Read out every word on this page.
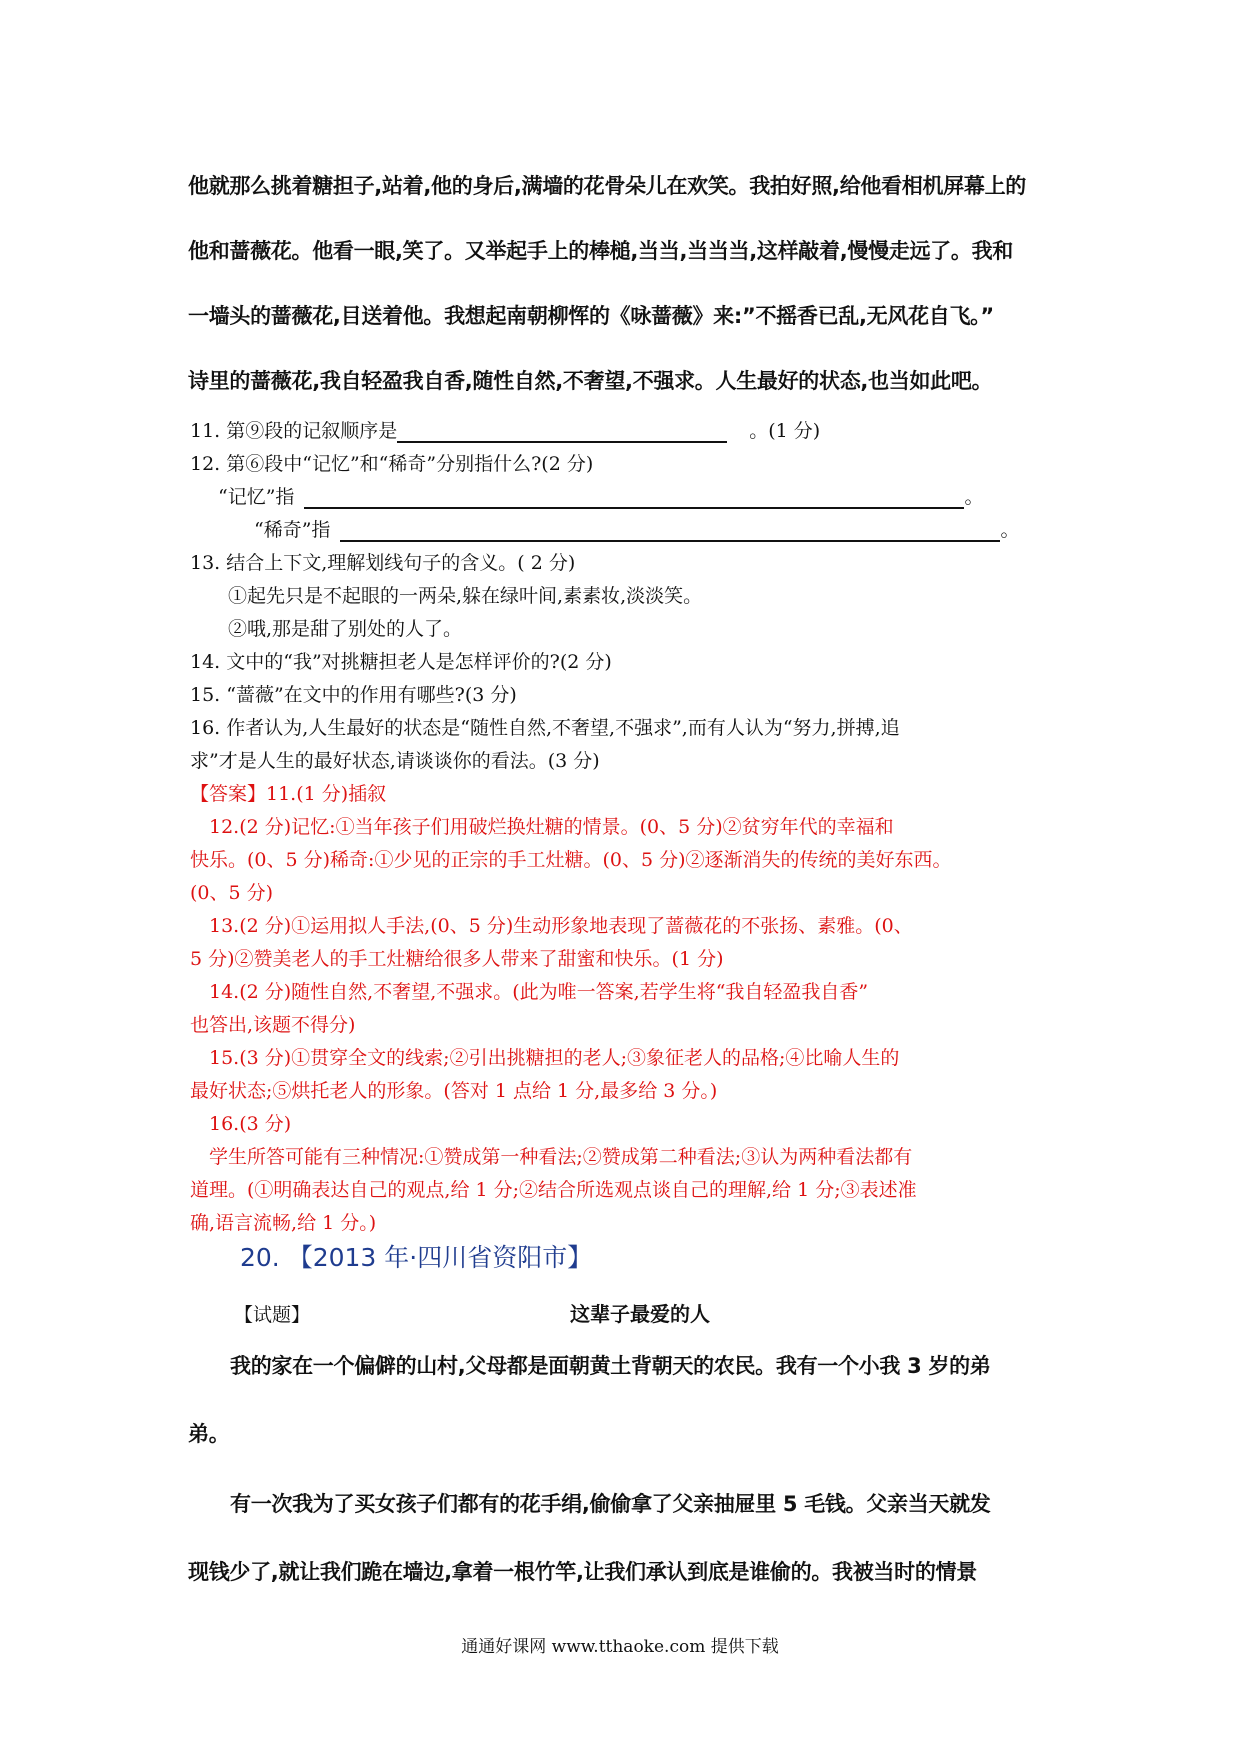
他就那么挑着糖担子,站着,他的身后,满墙的花骨朵儿在欢笑。我拍好照,给他看相机屏幕上的
他和蔷薇花。他看一眼,笑了。又举起手上的棒槌,当当,当当当,这样敲着,慢慢走远了。我和
一墙头的蔷薇花,目送着他。我想起南朝柳恽的《咏蔷薇》来:”不摇香已乱,无风花自飞。”
诗里的蔷薇花,我自轻盈我自香,随性自然,不奢望,不强求。人生最好的状态,也当如此吧。
11. 第⑨段的记叙顺序是	。(1 分)
12. 第⑥段中“记忆”和“稀奇”分别指什么?(2 分)
“记忆”指	。
“稀奇”指	。
13. 结合上下文,理解划线句子的含义。( 2 分)
①起先只是不起眼的一两朵,躲在绿叶间,素素妆,淡淡笑。
②哦,那是甜了别处的人了。
14. 文中的“我”对挑糖担老人是怎样评价的?(2 分)
15. “蔷薇”在文中的作用有哪些?(3 分)
16. 作者认为,人生最好的状态是“随性自然,不奢望,不强求”,而有人认为“努力,拼搏,追
求”才是人生的最好状态,请谈谈你的看法。(3 分)
【答案】11.(1 分)插叙
　12.(2 分)记忆:①当年孩子们用破烂换灶糖的情景。(0、5 分)②贫穷年代的幸福和
快乐。(0、5 分)稀奇:①少见的正宗的手工灶糖。(0、5 分)②逐渐消失的传统的美好东西。
(0、5 分)
　13.(2 分)①运用拟人手法,(0、5 分)生动形象地表现了蔷薇花的不张扬、素雅。(0、
5 分)②赞美老人的手工灶糖给很多人带来了甜蜜和快乐。(1 分)
　14.(2 分)随性自然,不奢望,不强求。(此为唯一答案,若学生将“我自轻盈我自香”
也答出,该题不得分)
　15.(3 分)①贯穿全文的线索;②引出挑糖担的老人;③象征老人的品格;④比喻人生的
最好状态;⑤烘托老人的形象。(答对 1 点给 1 分,最多给 3 分。)
　16.(3 分)
　学生所答可能有三种情况:①赞成第一种看法;②赞成第二种看法;③认为两种看法都有
道理。(①明确表达自己的观点,给 1 分;②结合所选观点谈自己的理解,给 1 分;③表述准
确,语言流畅,给 1 分。)
20. 【2013 年·四川省资阳市】
【试题】	这辈子最爱的人
我的家在一个偏僻的山村,父母都是面朝黄土背朝天的农民。我有一个小我 3 岁的弟
弟。
有一次我为了买女孩子们都有的花手绢,偷偷拿了父亲抽屉里 5 毛钱。父亲当天就发
现钱少了,就让我们跪在墙边,拿着一根竹竿,让我们承认到底是谁偷的。我被当时的情景
通通好课网 www.tthaoke.com 提供下载
